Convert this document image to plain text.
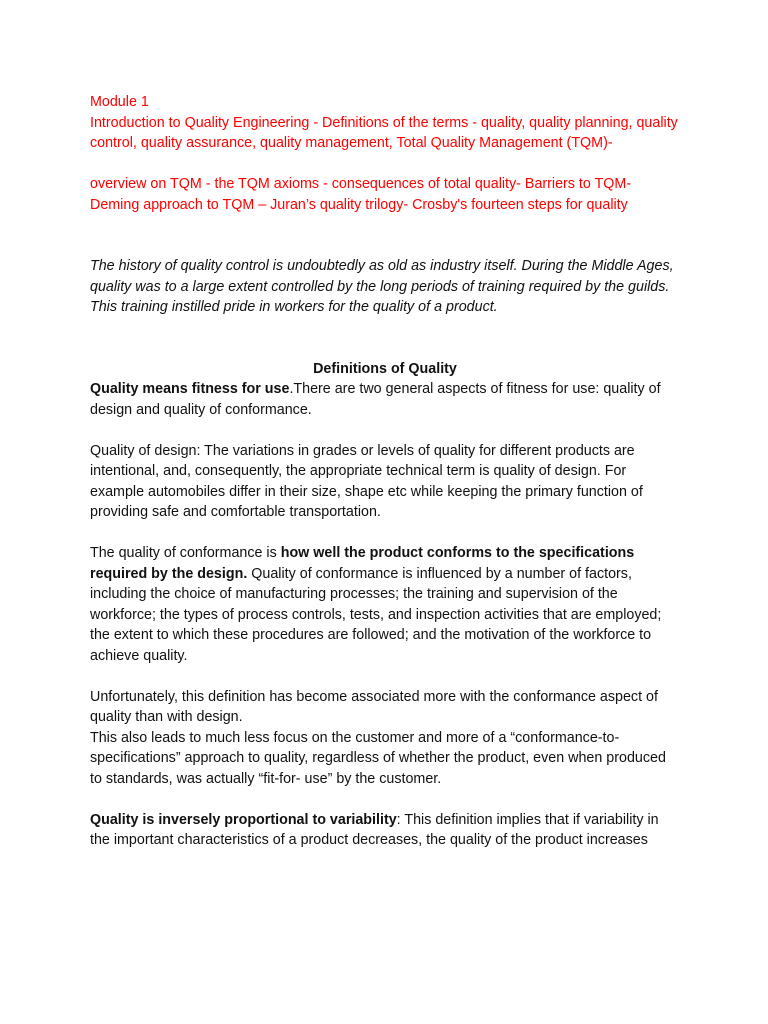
Module 1

Introduction to Quality Engineering - Definitions of the terms - quality, quality planning, quality control, quality assurance, quality management, Total Quality Management (TQM)-

overview on TQM - the TQM axioms - consequences of total quality- Barriers to TQM- Deming approach to TQM – Juran’s quality trilogy- Crosby's fourteen steps for quality

The history of quality control is undoubtedly as old as industry itself. During the Middle Ages, quality was to a large extent controlled by the long periods of training required by the guilds. This training instilled pride in workers for the quality of a product.

Definitions of Quality

Quality means fitness for use.There are two general aspects of fitness for use: quality of design and quality of conformance.

Quality of design: The variations in grades or levels of quality for different products are intentional, and, consequently, the appropriate technical term is quality of design. For example automobiles differ in their size, shape etc while keeping the primary function of providing safe and comfortable transportation.

The quality of conformance is how well the product conforms to the specifications required by the design. Quality of conformance is influenced by a number of factors, including the choice of manufacturing processes; the training and supervision of the workforce; the types of process controls, tests, and inspection activities that are employed; the extent to which these procedures are followed; and the motivation of the workforce to achieve quality.

Unfortunately, this definition has become associated more with the conformance aspect of quality than with design.

This also leads to much less focus on the customer and more of a “conformance-to-specifications” approach to quality, regardless of whether the product, even when produced to standards, was actually “fit-for- use” by the customer.

Quality is inversely proportional to variability: This definition implies that if variability in the important characteristics of a product decreases, the quality of the product increases
